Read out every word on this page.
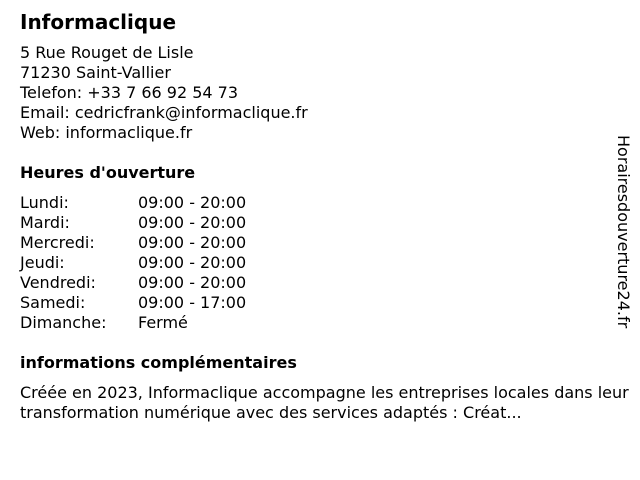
Informaclique
5 Rue Rouget de Lisle
71230 Saint-Vallier
Telefon: +33 7 66 92 54 73
Email: cedricfrank@informaclique.fr
Web: informaclique.fr
Heures d'ouverture
Lundi:	09:00 - 20:00
Mardi:	09:00 - 20:00
Mercredi:	09:00 - 20:00
Jeudi:	09:00 - 20:00
Vendredi:	09:00 - 20:00
Samedi:	09:00 - 17:00
Dimanche: Fermé
informations complémentaires
Créée en 2023, Informaclique accompagne les entreprises locales dans leur transformation numérique avec des services adaptés : Créat...
Horairesdouverture24.fr
